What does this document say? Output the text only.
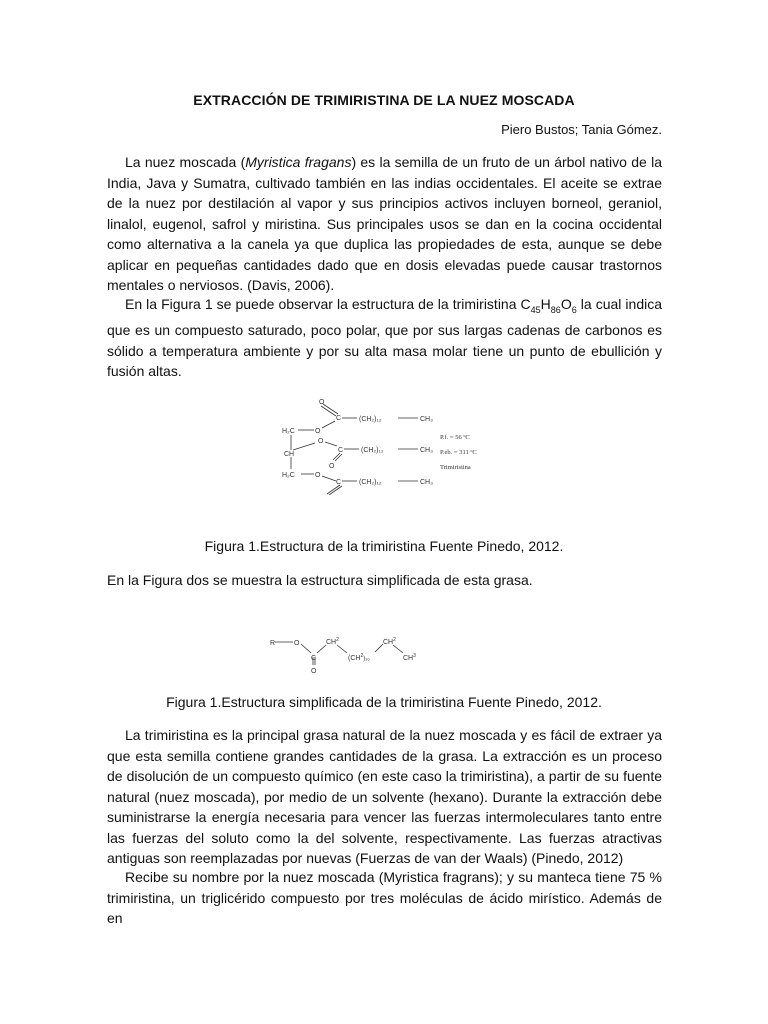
EXTRACCIÓN DE TRIMIRISTINA DE LA NUEZ MOSCADA
Piero Bustos; Tania Gómez.

La nuez moscada (Myristica fragans) es la semilla de un fruto de un árbol nativo de la India, Java y Sumatra, cultivado también en las indias occidentales. El aceite se extrae de la nuez por destilación al vapor y sus principios activos incluyen borneol, geraniol, linalol, eugenol, safrol y miristina. Sus principales usos se dan en la cocina occidental como alternativa a la canela ya que duplica las propiedades de esta, aunque se debe aplicar en pequeñas cantidades dado que en dosis elevadas puede causar trastornos mentales o nerviosos. (Davis, 2006).

En la Figura 1 se puede observar la estructura de la trimiristina $C_{45}H_{86}O_6$ la cual indica que es un compuesto saturado, poco polar, que por sus largas cadenas de carbonos es sólido a temperatura ambiente y por su alta masa molar tiene un punto de ebullición y fusión altas.

O
C	(CH₂)₁₂	CH₃
H₂C	O
O
C	(CH₂)₁₂	CH₃
CH
O
H₂C	O
C	(CH₂)₁₂	CH₃
P.f. = 56 ºC
P.eb. = 311 ºC
Trimiristina
Figura 1.Estructura de la trimiristina Fuente Pinedo, 2012.

En la Figura dos se muestra la estructura simplificada de esta grasa.

R	O
C
$CH^2$
$(CH^2)_{10}$
$CH^2$
$CH^3$
O
Figura 1.Estructura simplificada de la trimiristina Fuente Pinedo, 2012.

La trimiristina es la principal grasa natural de la nuez moscada y es fácil de extraer ya que esta semilla contiene grandes cantidades de la grasa. La extracción es un proceso de disolución de un compuesto químico (en este caso la trimiristina), a partir de su fuente natural (nuez moscada), por medio de un solvente (hexano). Durante la extracción debe suministrarse la energía necesaria para vencer las fuerzas intermoleculares tanto entre las fuerzas del soluto como la del solvente, respectivamente. Las fuerzas atractivas antiguas son reemplazadas por nuevas (Fuerzas de van der Waals) (Pinedo, 2012)

Recibe su nombre por la nuez moscada (Myristica fragrans); y su manteca tiene 75 % trimiristina, un triglicérido compuesto por tres moléculas de ácido mirístico. Además de en
